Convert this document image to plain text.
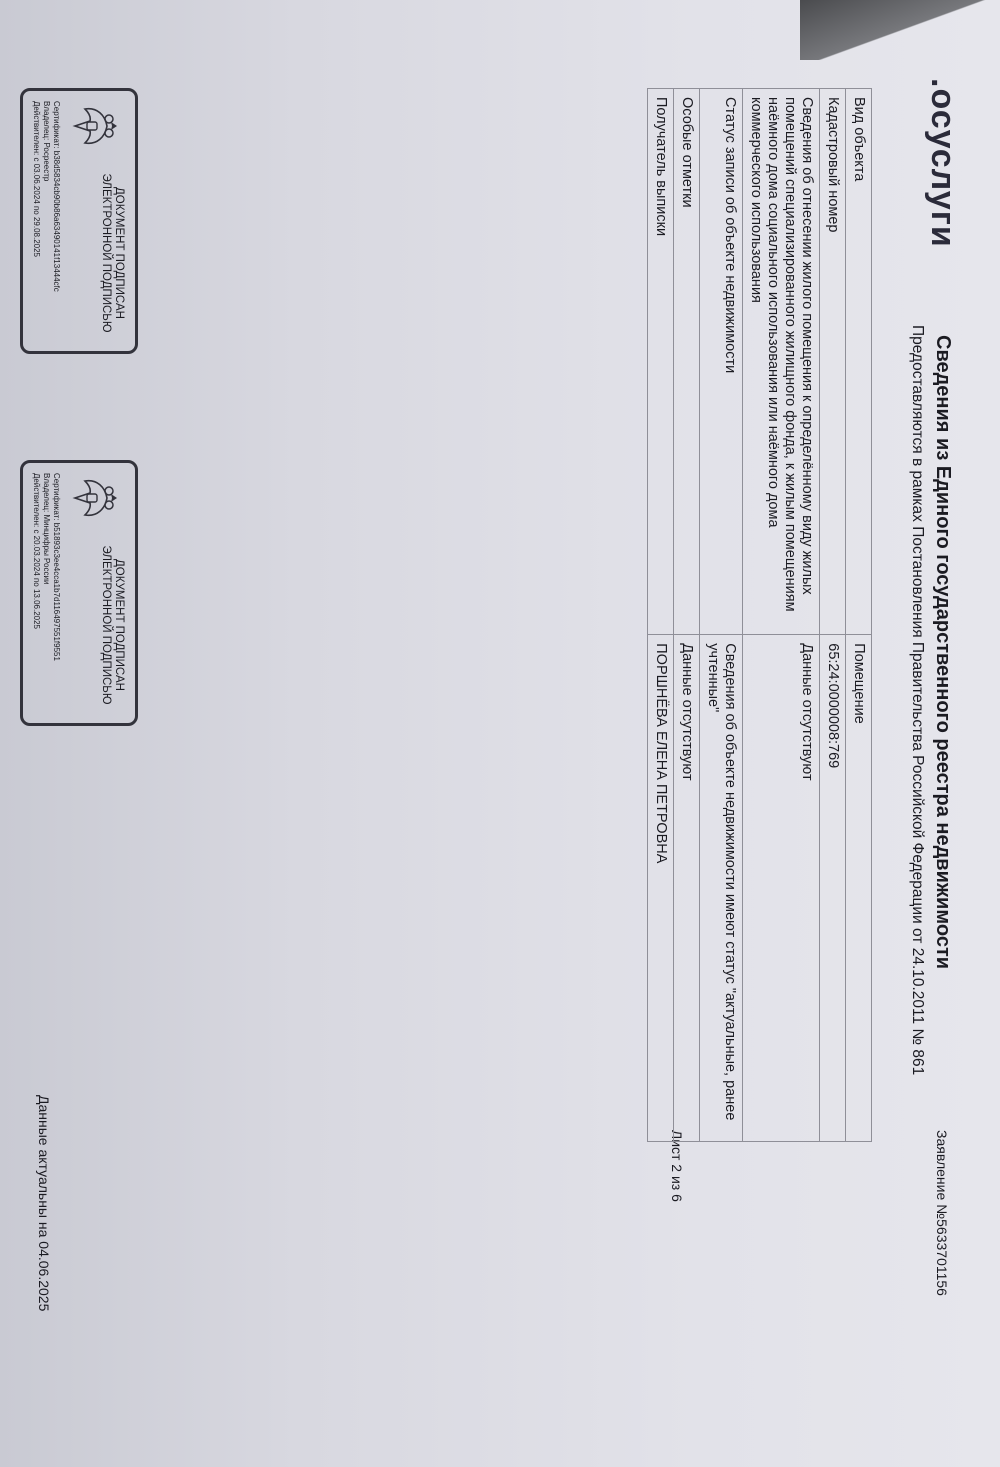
.осуслуги
Сведения из Единого государственного реестра недвижимости
Предоставляются в рамках Постановления Правительства Российской Федерации от 24.10.2011 № 861
Заявление №5633701156
Лист 2 из 6
Вид объекта	Помещение
Кадастровый номер	65:24:0000008:769
Сведения об отнесении жилого помещения к определённому виду жилых помещений специализированного жилищного фонда, к жилым помещениям наёмного дома социального использования или наёмного дома коммерческого использования	Данные отсутствуют
Статус записи об объекте недвижимости	Сведения об объекте недвижимости имеют статус "актуальные, ранее учтенные"
Особые отметки	Данные отсутствуют
Получатель выписки	ПОРШНЁВА ЕЛЕНА ПЕТРОВНА
ДОКУМЕНТ ПОДПИСАН ЭЛЕКТРОННОЙ ПОДПИСЬЮ
Сертификат: b38d5834cb90b86a63490141f13444cfc
Владелец: Росреестр
Действителен: с 03.06.2024 по 29.08.2025
ДОКУМЕНТ ПОДПИСАН ЭЛЕКТРОННОЙ ПОДПИСЬЮ
Сертификат: b51893c3ee4cca1b7d116497551f9551
Владелец: Минцифры России
Действителен: с 20.03.2024 по 13.06.2025
Данные актуальны на 04.06.2025
